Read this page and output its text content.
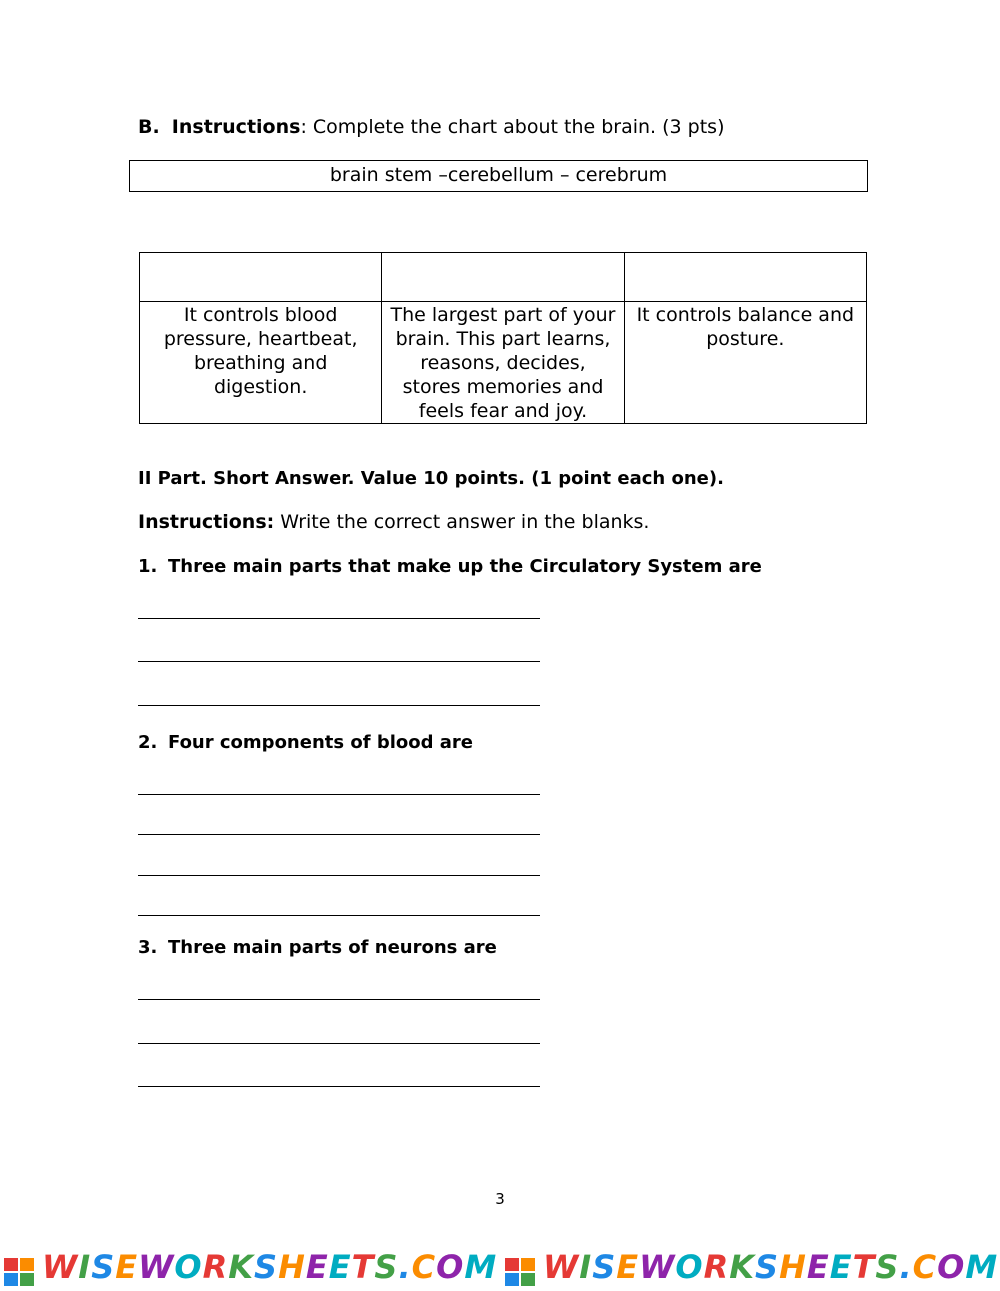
B. Instructions: Complete the chart about the brain. (3 pts)
brain stem –cerebellum – cerebrum

It controls blood pressure, heartbeat, breathing and digestion.	The largest part of your brain. This part learns, reasons, decides, stores memories and feels fear and joy.	It controls balance and posture.
II Part. Short Answer. Value 10 points. (1 point each one).
Instructions: Write the correct answer in the blanks.
1. Three main parts that make up the Circulatory System are
2. Four components of blood are
3. Three main parts of neurons are
3
WISEWORKSHEETS.COM WISEWORKSHEETS.COM
